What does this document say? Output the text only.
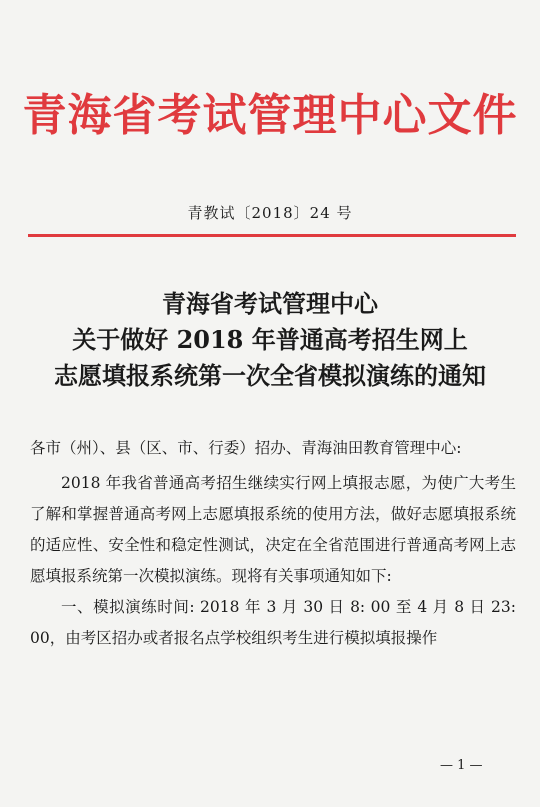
青海省考试管理中心文件
青教试〔2018〕24 号
青海省考试管理中心
关于做好 2018 年普通高考招生网上
志愿填报系统第一次全省模拟演练的通知
各市（州）、县（区、市、行委）招办、青海油田教育管理中心:

2018 年我省普通高考招生继续实行网上填报志愿，为使广大考生了解和掌握普通高考网上志愿填报系统的使用方法，做好志愿填报系统的适应性、安全性和稳定性测试，决定在全省范围进行普通高考网上志愿填报系统第一次模拟演练。现将有关事项通知如下:

一、模拟演练时间: 2018 年 3 月 30 日 8: 00 至 4 月 8 日 23: 00，由考区招办或者报名点学校组织考生进行模拟填报操作

— 1 —
